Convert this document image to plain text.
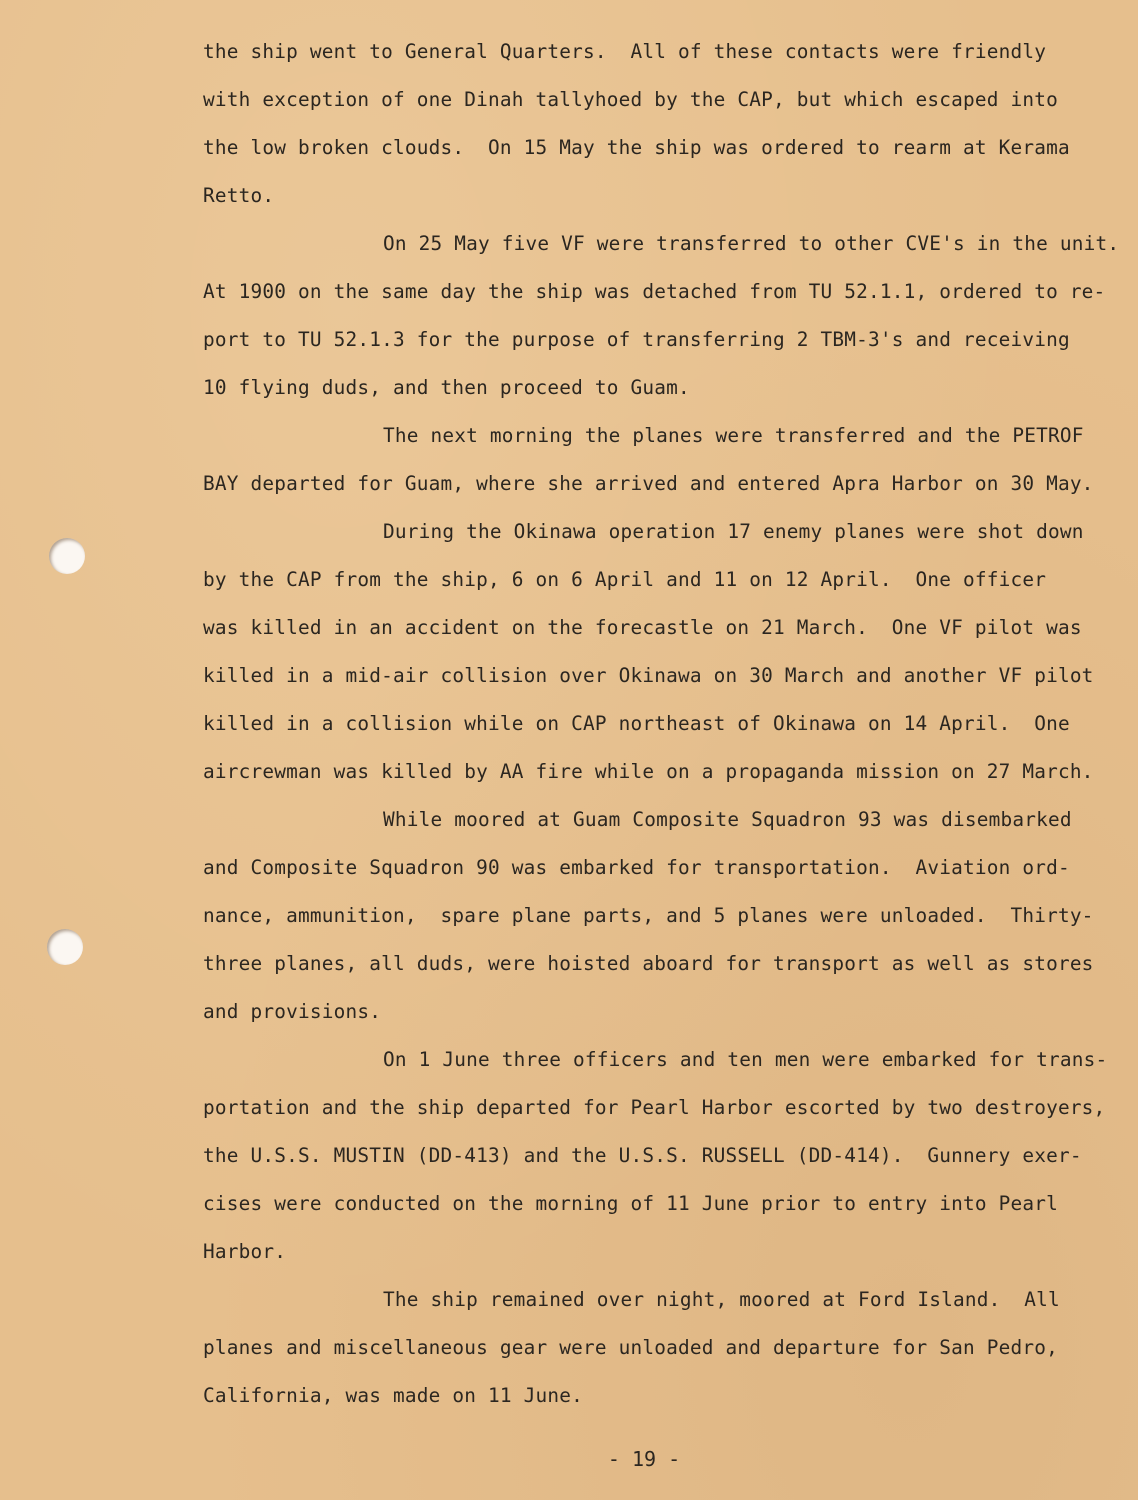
the ship went to General Quarters.  All of these contacts were friendly
with exception of one Dinah tallyhoed by the CAP, but which escaped into
the low broken clouds.  On 15 May the ship was ordered to rearm at Kerama
Retto.
On 25 May five VF were transferred to other CVE's in the unit.
At 1900 on the same day the ship was detached from TU 52.1.1, ordered to re-
port to TU 52.1.3 for the purpose of transferring 2 TBM-3's and receiving
10 flying duds, and then proceed to Guam.
The next morning the planes were transferred and the PETROF
BAY departed for Guam, where she arrived and entered Apra Harbor on 30 May.
During the Okinawa operation 17 enemy planes were shot down
by the CAP from the ship, 6 on 6 April and 11 on 12 April.  One officer
was killed in an accident on the forecastle on 21 March.  One VF pilot was
killed in a mid-air collision over Okinawa on 30 March and another VF pilot
killed in a collision while on CAP northeast of Okinawa on 14 April.  One
aircrewman was killed by AA fire while on a propaganda mission on 27 March.
While moored at Guam Composite Squadron 93 was disembarked
and Composite Squadron 90 was embarked for transportation.  Aviation ord-
nance, ammunition,  spare plane parts, and 5 planes were unloaded.  Thirty-
three planes, all duds, were hoisted aboard for transport as well as stores
and provisions.
On 1 June three officers and ten men were embarked for trans-
portation and the ship departed for Pearl Harbor escorted by two destroyers,
the U.S.S. MUSTIN (DD-413) and the U.S.S. RUSSELL (DD-414).  Gunnery exer-
cises were conducted on the morning of 11 June prior to entry into Pearl
Harbor.
The ship remained over night, moored at Ford Island.  All
planes and miscellaneous gear were unloaded and departure for San Pedro,
California, was made on 11 June.
- 19 -
